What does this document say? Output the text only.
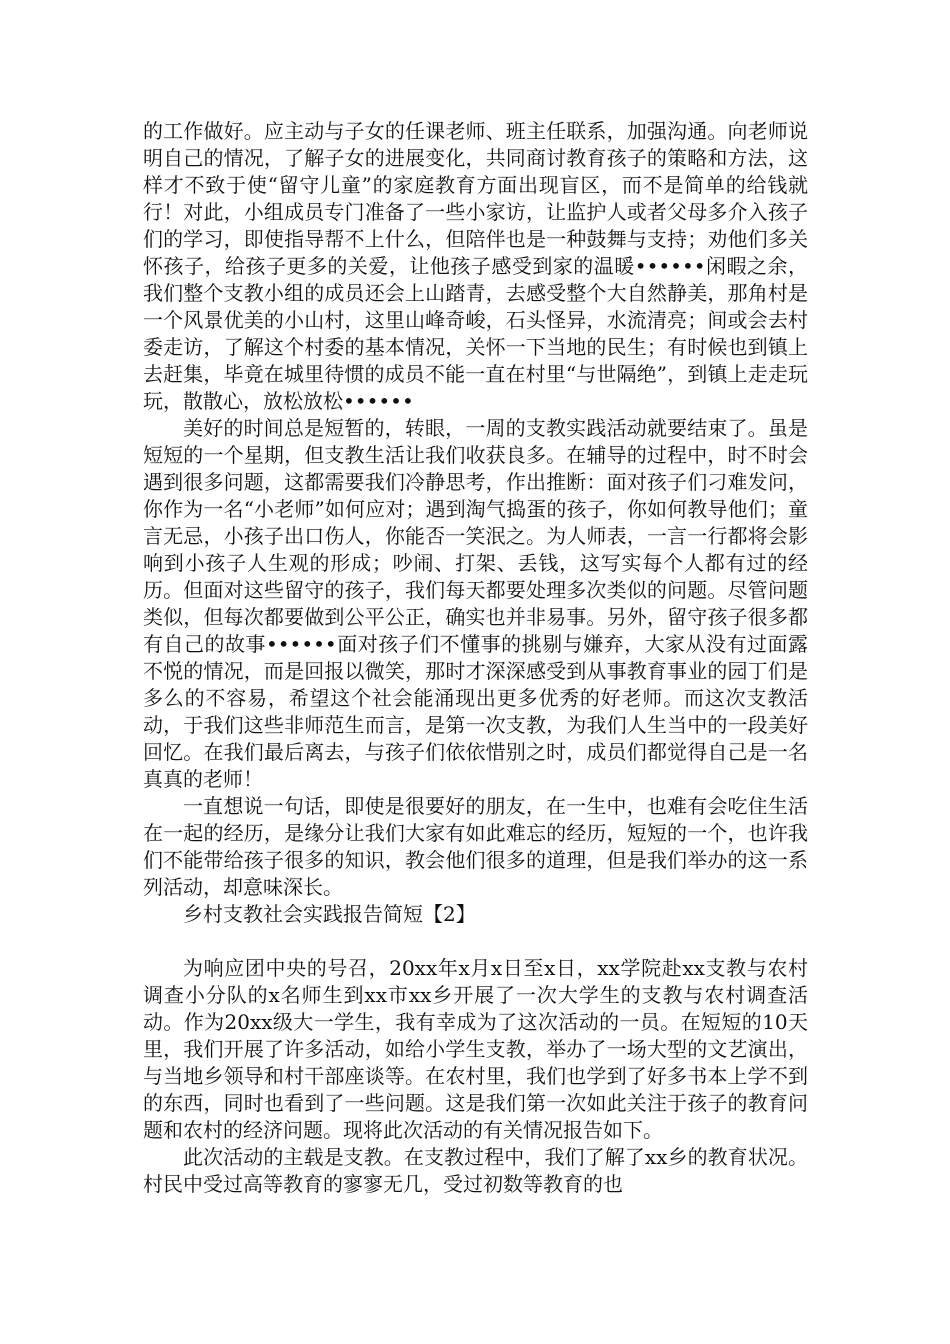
的工作做好。应主动与子女的任课老师、班主任联系，加强沟通。向老师说明自己的情况，了解子女的进展变化，共同商讨教育孩子的策略和方法，这样才不致于使“留守儿童”的家庭教育方面出现盲区，而不是简单的给钱就行！对此，小组成员专门准备了一些小家访，让监护人或者父母多介入孩子们的学习，即使指导帮不上什么，但陪伴也是一种鼓舞与支持；劝他们多关怀孩子，给孩子更多的关爱，让他孩子感受到家的温暖••••••闲暇之余，我们整个支教小组的成员还会上山踏青，去感受整个大自然静美，那角村是一个风景优美的小山村，这里山峰奇峻，石头怪异，水流清亮；间或会去村委走访，了解这个村委的基本情况，关怀一下当地的民生；有时候也到镇上去赶集，毕竟在城里待惯的成员不能一直在村里“与世隔绝”，到镇上走走玩玩，散散心，放松放松••••••

美好的时间总是短暂的，转眼，一周的支教实践活动就要结束了。虽是短短的一个星期，但支教生活让我们收获良多。在辅导的过程中，时不时会遇到很多问题，这都需要我们冷静思考，作出推断：面对孩子们刁难发问，你作为一名“小老师”如何应对；遇到淘气捣蛋的孩子，你如何教导他们；童言无忌，小孩子出口伤人，你能否一笑泯之。为人师表，一言一行都将会影响到小孩子人生观的形成；吵闹、打架、丢钱，这写实每个人都有过的经历。但面对这些留守的孩子，我们每天都要处理多次类似的问题。尽管问题类似，但每次都要做到公平公正，确实也并非易事。另外，留守孩子很多都有自己的故事••••••面对孩子们不懂事的挑剔与嫌弃，大家从没有过面露不悦的情况，而是回报以微笑，那时才深深感受到从事教育事业的园丁们是多么的不容易，希望这个社会能涌现出更多优秀的好老师。而这次支教活动，于我们这些非师范生而言，是第一次支教，为我们人生当中的一段美好回忆。在我们最后离去，与孩子们依依惜别之时，成员们都觉得自己是一名真真的老师！

一直想说一句话，即使是很要好的朋友，在一生中，也难有会吃住生活在一起的经历，是缘分让我们大家有如此难忘的经历，短短的一个，也许我们不能带给孩子很多的知识，教会他们很多的道理，但是我们举办的这一系列活动，却意味深长。

乡村支教社会实践报告简短【2】

为响应团中央的号召，20xx年x月x日至x日，xx学院赴xx支教与农村调查小分队的x名师生到xx市xx乡开展了一次大学生的支教与农村调查活动。作为20xx级大一学生，我有幸成为了这次活动的一员。在短短的10天里，我们开展了许多活动，如给小学生支教，举办了一场大型的文艺演出，与当地乡领导和村干部座谈等。在农村里，我们也学到了好多书本上学不到的东西，同时也看到了一些问题。这是我们第一次如此关注于孩子的教育问题和农村的经济问题。现将此次活动的有关情况报告如下。

此次活动的主载是支教。在支教过程中，我们了解了xx乡的教育状况。村民中受过高等教育的寥寥无几，受过初数等教育的也
